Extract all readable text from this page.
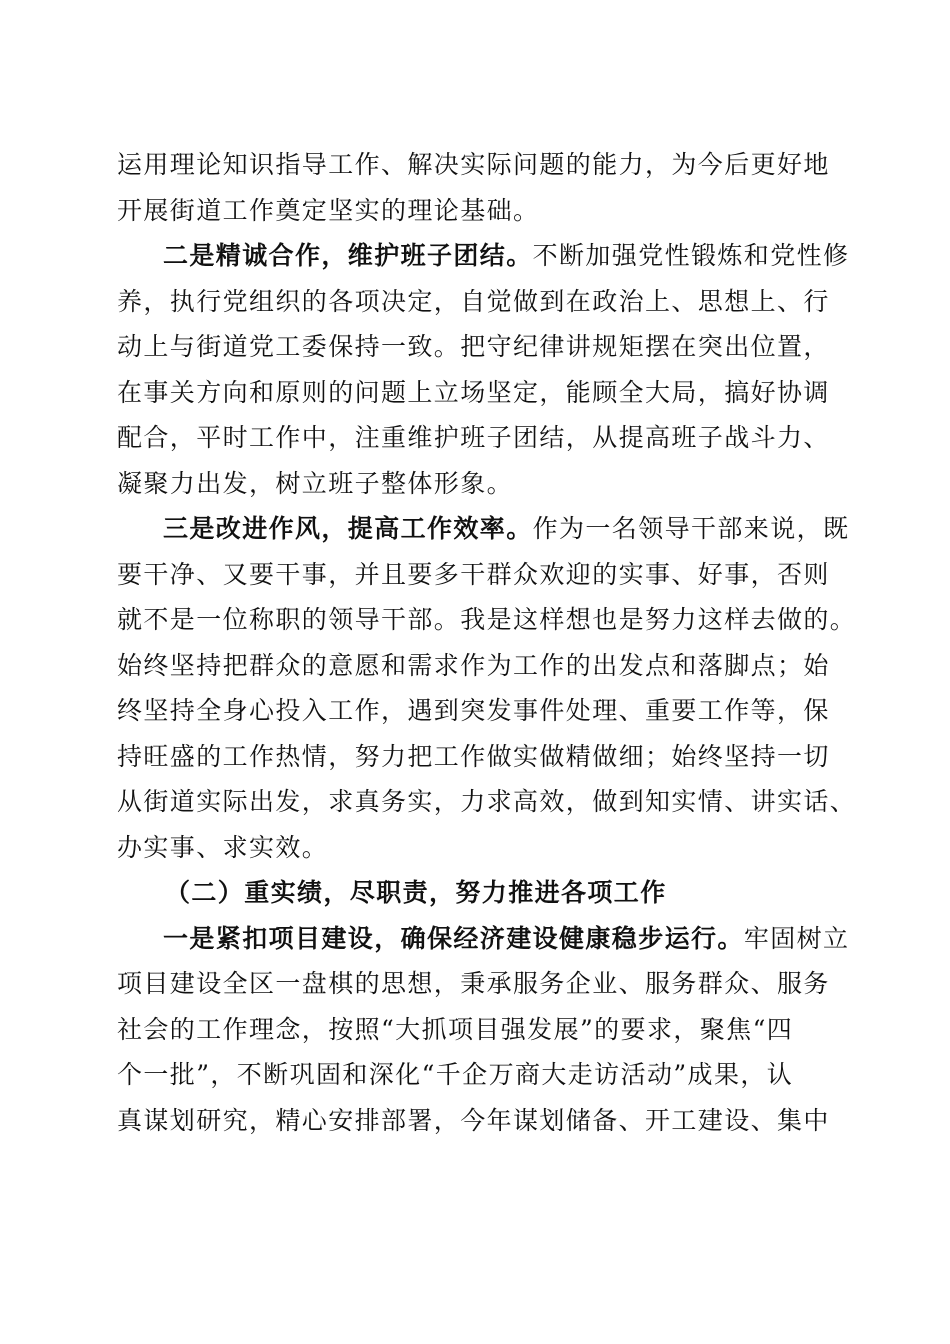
运用理论知识指导工作、解决实际问题的能力，为今后更好地
开展街道工作奠定坚实的理论基础。
二是精诚合作，维护班子团结。不断加强党性锻炼和党性修
养，执行党组织的各项决定，自觉做到在政治上、思想上、行
动上与街道党工委保持一致。把守纪律讲规矩摆在突出位置，
在事关方向和原则的问题上立场坚定，能顾全大局，搞好协调
配合，平时工作中，注重维护班子团结，从提高班子战斗力、
凝聚力出发，树立班子整体形象。
三是改进作风，提高工作效率。作为一名领导干部来说，既
要干净、又要干事，并且要多干群众欢迎的实事、好事，否则
就不是一位称职的领导干部。我是这样想也是努力这样去做的。
始终坚持把群众的意愿和需求作为工作的出发点和落脚点；始
终坚持全身心投入工作，遇到突发事件处理、重要工作等，保
持旺盛的工作热情，努力把工作做实做精做细；始终坚持一切
从街道实际出发，求真务实，力求高效，做到知实情、讲实话、
办实事、求实效。
（二）重实绩，尽职责，努力推进各项工作
一是紧扣项目建设，确保经济建设健康稳步运行。牢固树立
项目建设全区一盘棋的思想，秉承服务企业、服务群众、服务
社会的工作理念，按照“大抓项目强发展”的要求，聚焦“四
个一批”，不断巩固和深化“千企万商大走访活动”成果，认
真谋划研究，精心安排部署，今年谋划储备、开工建设、集中
